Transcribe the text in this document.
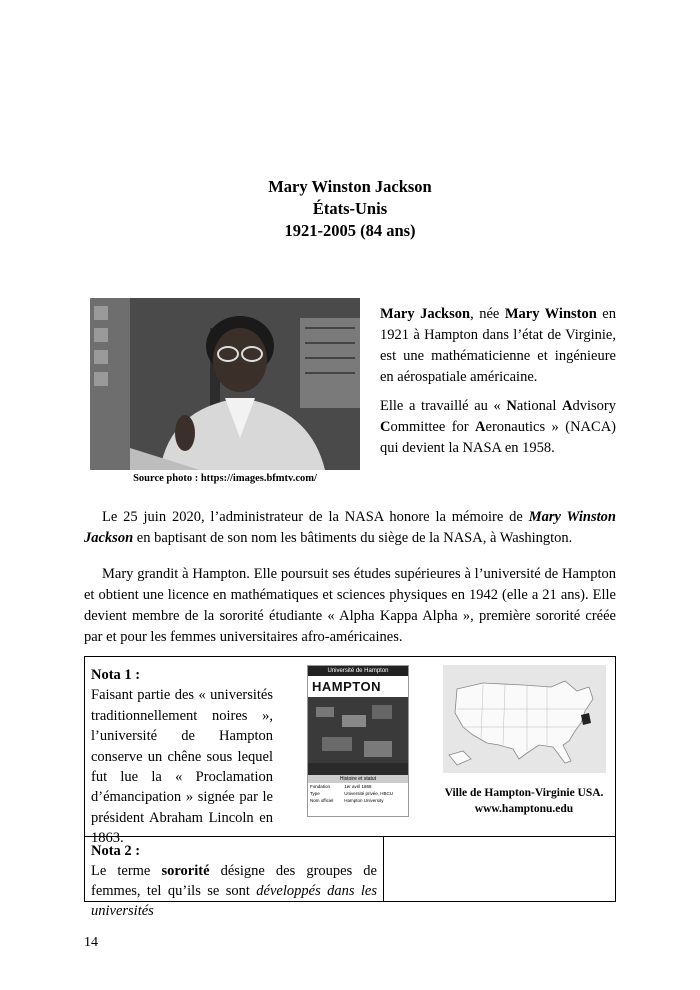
Mary Winston Jackson
États-Unis
1921-2005 (84 ans)
Source photo : https://images.bfmtv.com/

Mary Jackson, née Mary Winston en 1921 à Hampton dans l’état de Virginie, est une mathématicienne et ingénieure en aérospatiale américaine.

Elle a travaillé au « National Advisory Committee for Aeronautics » (NACA) qui devient la NASA en 1958.

Le 25 juin 2020, l’administrateur de la NASA honore la mémoire de Mary Winston Jackson en baptisant de son nom les bâtiments du siège de la NASA, à Washington.

Mary grandit à Hampton. Elle poursuit ses études supérieures à l’université de Hampton et obtient une licence en mathématiques et sciences physiques en 1942 (elle a 21 ans). Elle devient membre de la sororité étudiante « Alpha Kappa Alpha », première sororité créée par et pour les femmes universitaires afro-américaines.

Nota 1 :
Faisant partie des « universités traditionnellement noires », l’université de Hampton conserve un chêne sous lequel fut lue la « Proclamation d’émancipation » signée par le président Abraham Lincoln en 1863.
Université de Hampton
HAMPTON
Histoire et statut
Fondation	1er avril 1868
Type	Université privée, HBCU
Nom officiel	Hampton University
Ville de Hampton-Virginie USA.
www.hamptonu.edu
Nota 2 :
Le terme sororité désigne des groupes de femmes, tel qu’ils se sont développés dans les universités
14
